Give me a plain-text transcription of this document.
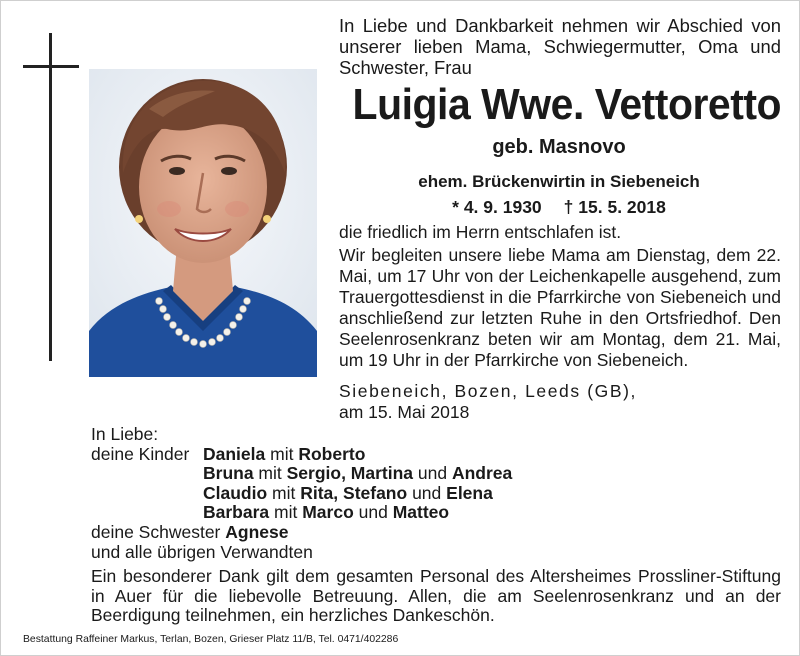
In Liebe und Dankbarkeit nehmen wir Abschied von unserer lieben Mama, Schwiegermutter, Oma und Schwester, Frau
Luigia Wwe. Vettoretto
geb. Masnovo
ehem. Brückenwirtin in Siebeneich
* 4. 9. 1930 † 15. 5. 2018
die friedlich im Herrn entschlafen ist.
Wir begleiten unsere liebe Mama am Dienstag, dem 22. Mai, um 17 Uhr von der Leichenkapelle ausgehend, zum Trauergottesdienst in die Pfarrkirche von Siebeneich und anschließend zur letzten Ruhe in den Ortsfriedhof. Den Seelenrosenkranz beten wir am Montag, dem 21. Mai, um 19 Uhr in der Pfarrkirche von Siebeneich.
Siebeneich, Bozen, Leeds (GB),
am 15. Mai 2018
In Liebe:
deine Kinder Daniela mit Roberto
Bruna mit Sergio, Martina und Andrea
Claudio mit Rita, Stefano und Elena
Barbara mit Marco und Matteo
deine Schwester Agnese
und alle übrigen Verwandten
Ein besonderer Dank gilt dem gesamten Personal des Altersheimes Prossliner-Stiftung in Auer für die liebevolle Betreuung. Allen, die am Seelenrosenkranz und an der Beerdigung teilnehmen, ein herzliches Dankeschön.
Bestattung Raffeiner Markus, Terlan, Bozen, Grieser Platz 11/B, Tel. 0471/402286
